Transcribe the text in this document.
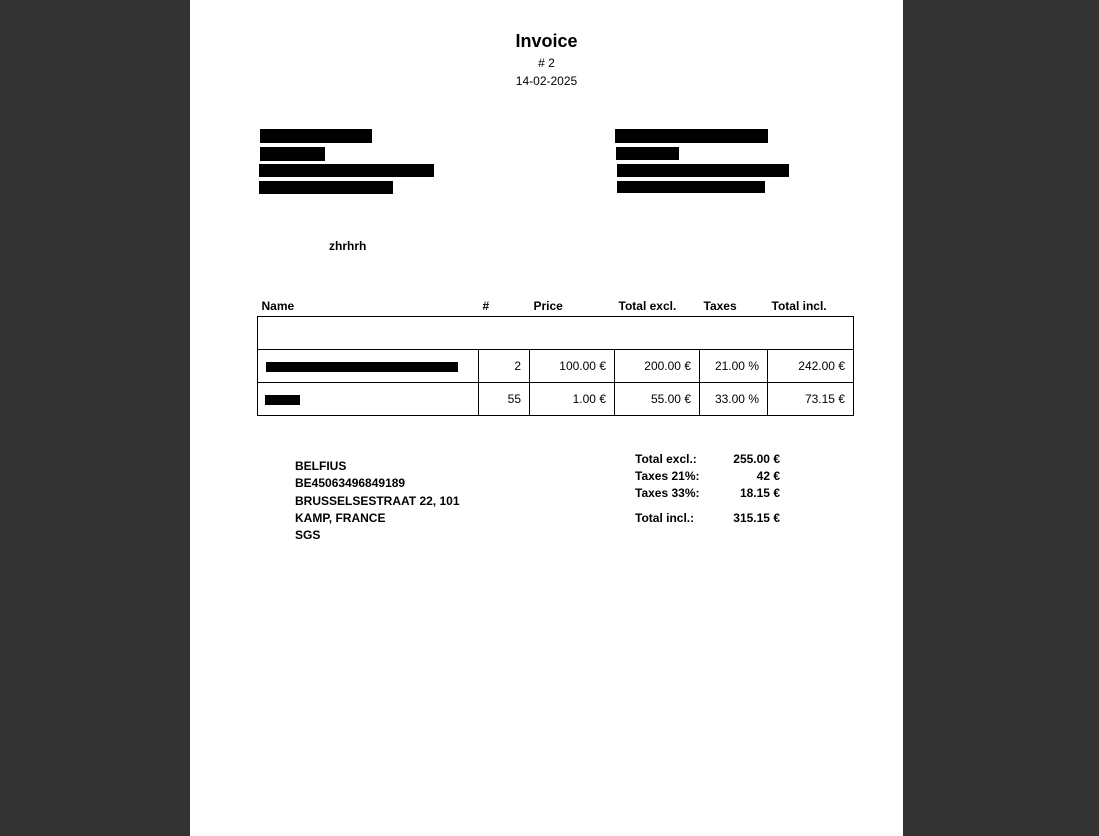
Invoice
# 2
14-02-2025
zhrhrh
Name	#	Price	Total excl.	Taxes	Total incl.

	2	100.00 €	200.00 €	21.00 %	242.00 €

	55	1.00 €	55.00 €	33.00 %	73.15 €
BELFIUS
BE45063496849189
BRUSSELSESTRAAT 22, 101
KAMP, FRANCE
SGS
Total excl.:	255.00 €
Taxes 21%:	42 €
Taxes 33%:	18.15 €
Total incl.:	315.15 €
